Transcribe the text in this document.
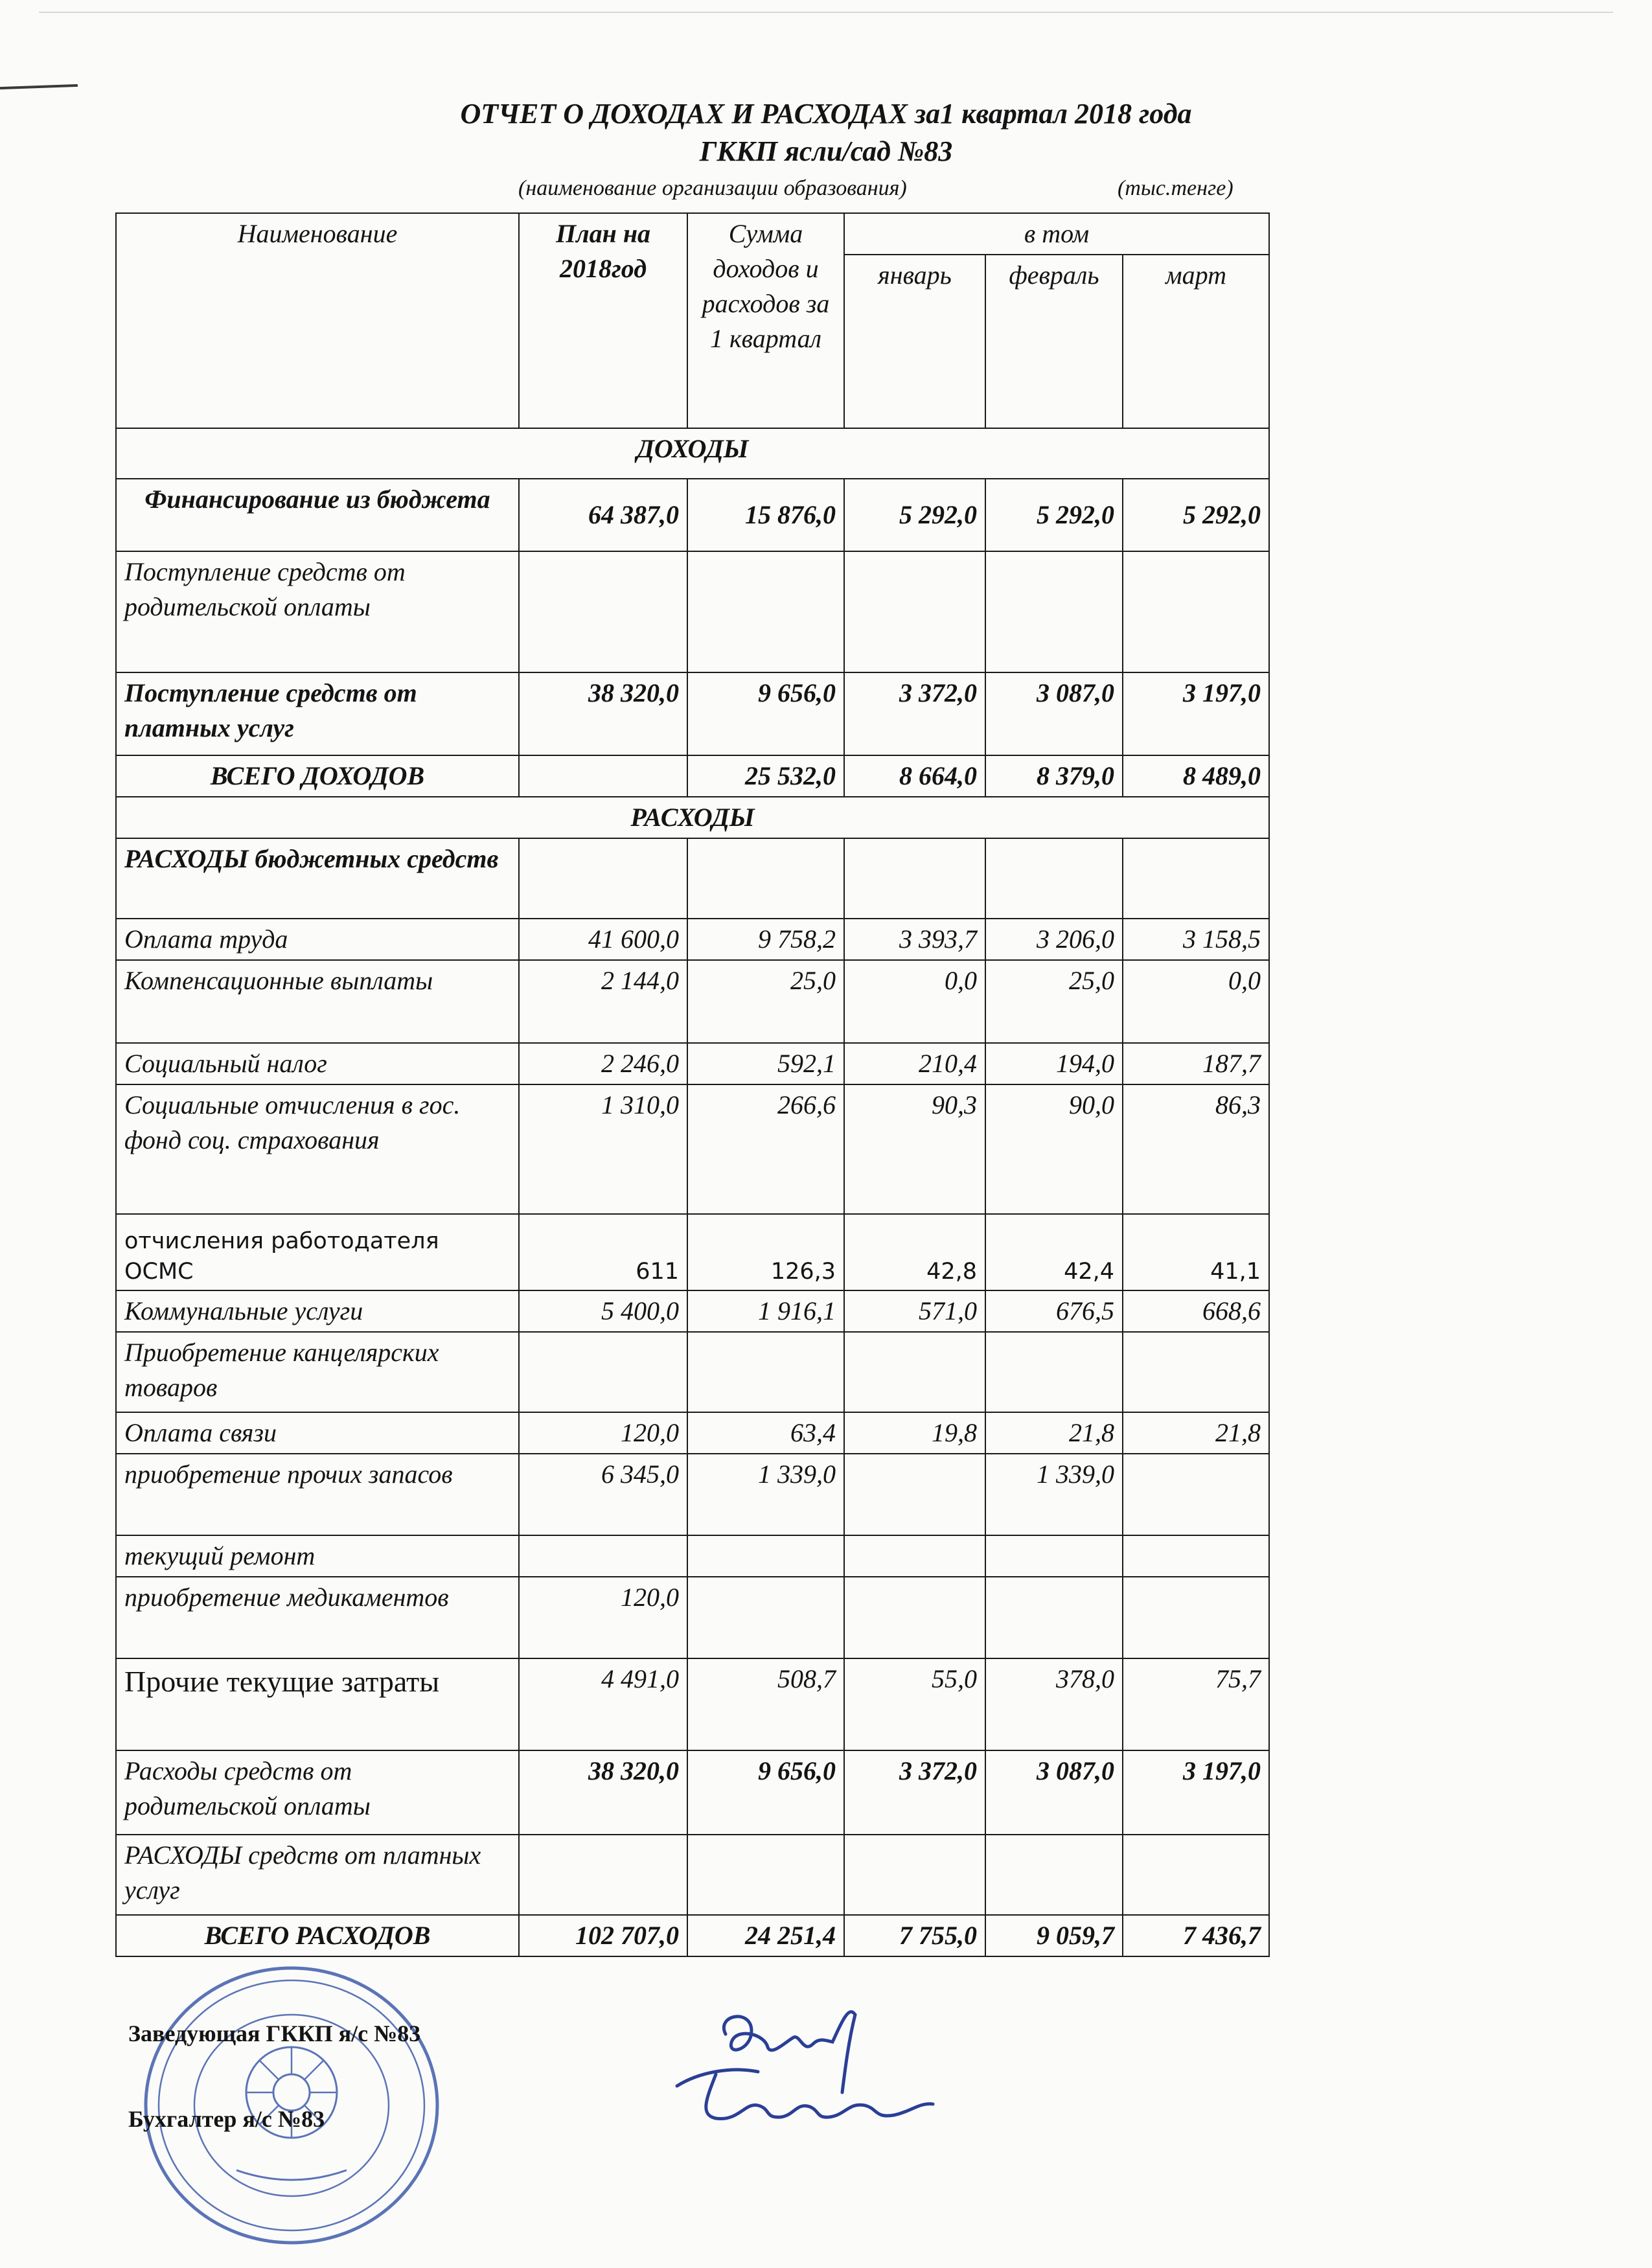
ОТЧЕТ О ДОХОДАХ И РАСХОДАХ за1 квартал 2018 года
ГККП ясли/сад №83
(наименование организации образования)	(тыс.тенге)
Наименование	План на 2018год	Сумма доходов и расходов за 1 квартал	в том		
			январь	февраль	март
ДОХОДЫ					
Финансирование из бюджета	64 387,0	15 876,0	5 292,0	5 292,0	5 292,0
Поступление средств от родительской оплаты					
Поступление средств от платных услуг	38 320,0	9 656,0	3 372,0	3 087,0	3 197,0
ВСЕГО ДОХОДОВ		25 532,0	8 664,0	8 379,0	8 489,0
РАСХОДЫ					
РАСХОДЫ бюджетных средств					
Оплата труда	41 600,0	9 758,2	3 393,7	3 206,0	3 158,5
Компенсационные выплаты	2 144,0	25,0	0,0	25,0	0,0
Социальный налог	2 246,0	592,1	210,4	194,0	187,7
Социальные отчисления в гос. фонд соц. страхования	1 310,0	266,6	90,3	90,0	86,3
отчисления работодателя ОСМС	611	126,3	42,8	42,4	41,1
Коммунальные услуги	5 400,0	1 916,1	571,0	676,5	668,6
Приобретение канцелярских товаров					
Оплата связи	120,0	63,4	19,8	21,8	21,8
приобретение прочих запасов	6 345,0	1 339,0		1 339,0	
текущий ремонт					
приобретение медикаментов	120,0				
Прочие текущие затраты	4 491,0	508,7	55,0	378,0	75,7
Расходы средств от родительской оплаты	38 320,0	9 656,0	3 372,0	3 087,0	3 197,0
РАСХОДЫ средств от платных услуг					
ВСЕГО РАСХОДОВ	102 707,0	24 251,4	7 755,0	9 059,7	7 436,7
Заведующая ГККП я/с №83
Бухгалтер я/с №83
